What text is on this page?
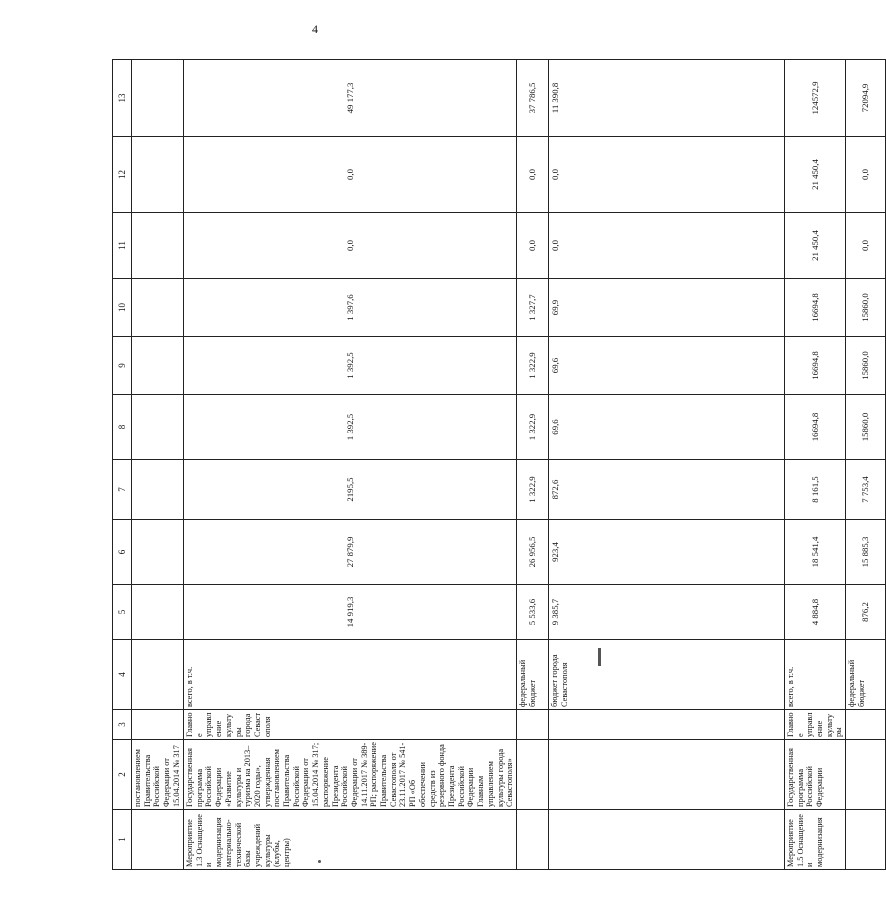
4
1	2	3	4	5	6	7	8	9	10	11	12	13
	постановлением Правительства Российской Федерации от 15.04.2014 № 317											
Мероприятие 1.3 Оснащение и модернизация материально-технической базы учреждений культуры (клубы, центры)	Государственная программа Российской Федерации «Развитие культуры и туризма на 2013–2020 годы», утвержденная постановлением Правительства Российской Федерации от 15.04.2014 № 317; распоряжение Президента Российской Федерации от 14.11.2017 № 389-РП; распоряжение Правительства Севастополя от 23.11.2017 № 541-РП «Об обеспечении средств из резервного фонда Президента Российской Федерации Главным управлением культуры города Севастополя»	Главное управление культуры города Севастополя	всего, в т.ч.	14 919,3	27 879,9	2195,5	1 392,5	1 392,5	1 397,6	0,0	0,0	49 177,3
			федеральный бюджет	5 533,6	26 956,5	1 322,9	1 322,9	1 322,9	1 327,7	0,0	0,0	37 786,5
			бюджет города Севастополя	9 385,7	923,4	872,6	69,6	69,6	69,9	0,0	0,0	11 390,8
Мероприятие 1.5 Оснащение и модернизация	Государственная программа Российской Федерации	Главное управление культуры	всего, в т.ч.	4 884,8	18 541,4	8 161,5	16694,8	16694,8	16694,8	21 450,4	21 450,4	124572,9
			федеральный бюджет	876,2	15 885,3	7 753,4	15860,0	15860,0	15860,0	0,0	0,0	72094,9
